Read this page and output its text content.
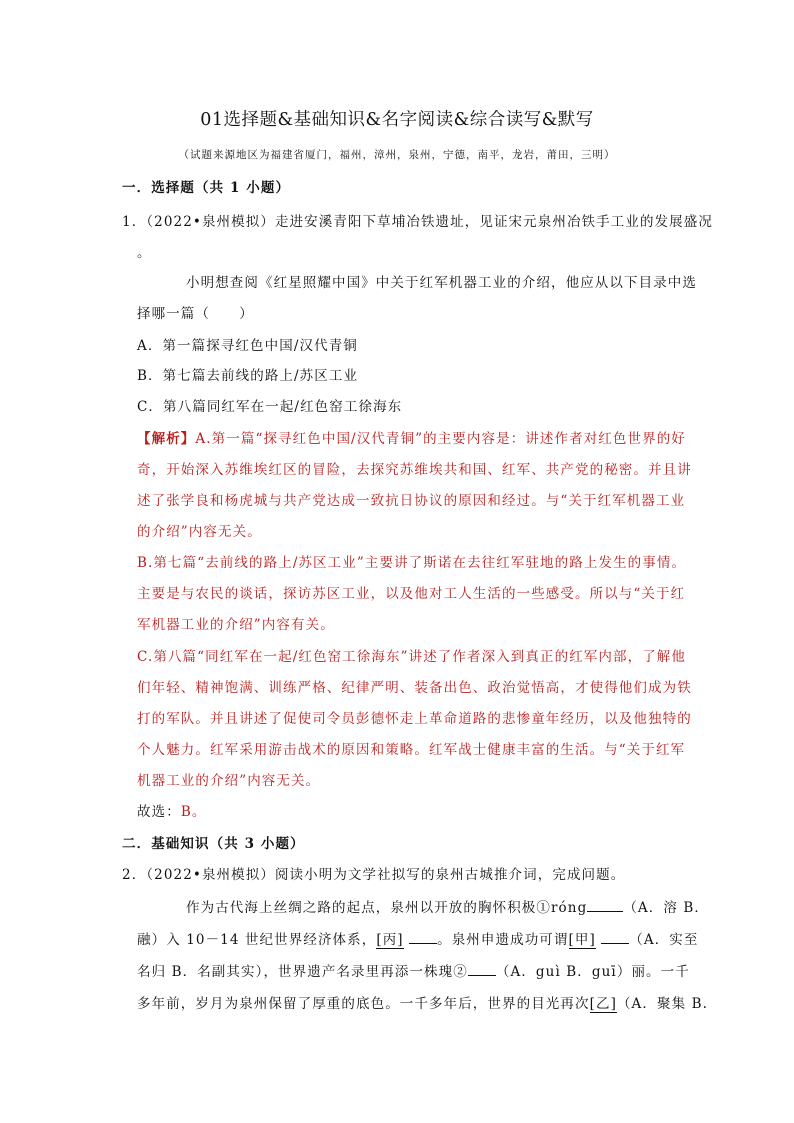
01选择题&基础知识&名字阅读&综合读写&默写
（试题来源地区为福建省厦门，福州，漳州，泉州，宁德，南平，龙岩，莆田，三明）
一．选择题（共 1 小题）
1．（2022•泉州模拟）走进安溪青阳下草埔冶铁遗址，见证宋元泉州冶铁手工业的发展盛况
。
小明想查阅《红星照耀中国》中关于红军机器工业的介绍，他应从以下目录中选
择哪一篇（　　）
A．第一篇探寻红色中国/汉代青铜
B．第七篇去前线的路上/苏区工业
C．第八篇同红军在一起/红色窑工徐海东
【解析】A.第一篇“探寻红色中国/汉代青铜”的主要内容是：讲述作者对红色世界的好
奇，开始深入苏维埃红区的冒险，去探究苏维埃共和国、红军、共产党的秘密。并且讲
述了张学良和杨虎城与共产党达成一致抗日协议的原因和经过。与“关于红军机器工业
的介绍”内容无关。
B.第七篇“去前线的路上/苏区工业”主要讲了斯诺在去往红军驻地的路上发生的事情。
主要是与农民的谈话，探访苏区工业，以及他对工人生活的一些感受。所以与“关于红
军机器工业的介绍”内容有关。
C.第八篇“同红军在一起/红色窑工徐海东”讲述了作者深入到真正的红军内部，了解他
们年轻、精神饱满、训练严格、纪律严明、装备出色、政治觉悟高，才使得他们成为铁
打的军队。并且讲述了促使司令员彭德怀走上革命道路的悲惨童年经历，以及他独特的
个人魅力。红军采用游击战术的原因和策略。红军战士健康丰富的生活。与“关于红军
机器工业的介绍”内容无关。
故选：B。
二．基础知识（共 3 小题）
2．（2022•泉州模拟）阅读小明为文学社拟写的泉州古城推介词，完成问题。
作为古代海上丝绸之路的起点，泉州以开放的胸怀积极①róng	（A．溶 B．
融）入 10－14 世纪世界经济体系，[丙] 。泉州申遗成功可谓[甲] （A．实至
名归 B．名副其实），世界遗产名录里再添一株瑰② （A．guì B．guī）丽。一千
多年前，岁月为泉州保留了厚重的底色。一千多年后，世界的目光再次[乙]（A．聚集 B.
